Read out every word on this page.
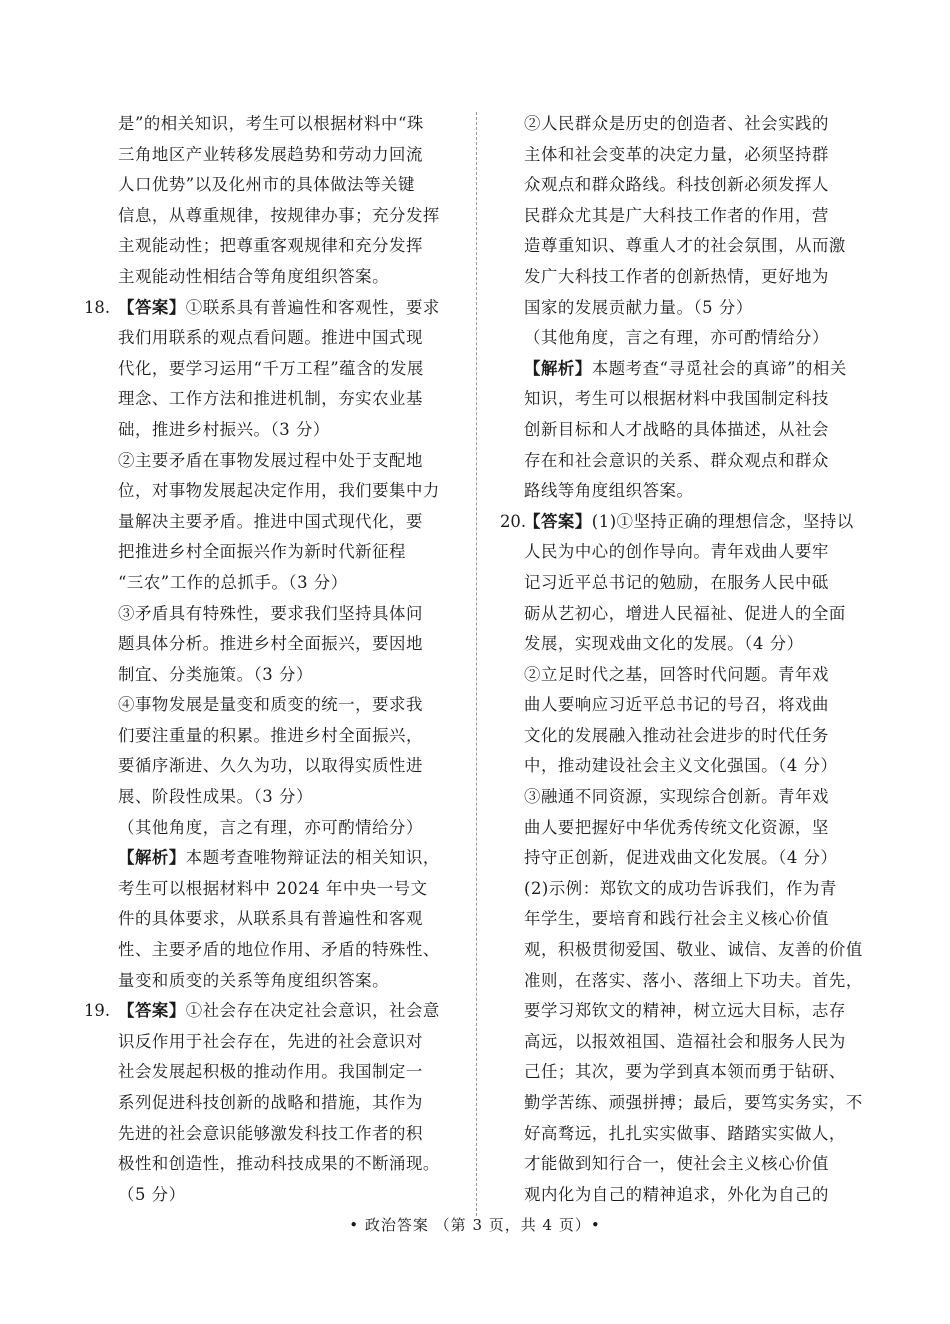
是”的相关知识，考生可以根据材料中“珠
三角地区产业转移发展趋势和劳动力回流
人口优势”以及化州市的具体做法等关键
信息，从尊重规律，按规律办事；充分发挥
主观能动性；把尊重客观规律和充分发挥
主观能动性相结合等角度组织答案。
18. 【答案】①联系具有普遍性和客观性，要求
我们用联系的观点看问题。推进中国式现
代化，要学习运用“千万工程”蕴含的发展
理念、工作方法和推进机制，夯实农业基
础，推进乡村振兴。（3 分）
②主要矛盾在事物发展过程中处于支配地
位，对事物发展起决定作用，我们要集中力
量解决主要矛盾。推进中国式现代化，要
把推进乡村全面振兴作为新时代新征程
“三农”工作的总抓手。（3 分）
③矛盾具有特殊性，要求我们坚持具体问
题具体分析。推进乡村全面振兴，要因地
制宜、分类施策。（3 分）
④事物发展是量变和质变的统一，要求我
们要注重量的积累。推进乡村全面振兴，
要循序渐进、久久为功，以取得实质性进
展、阶段性成果。（3 分）
（其他角度，言之有理，亦可酌情给分）
【解析】本题考查唯物辩证法的相关知识，
考生可以根据材料中 2024 年中央一号文
件的具体要求，从联系具有普遍性和客观
性、主要矛盾的地位作用、矛盾的特殊性、
量变和质变的关系等角度组织答案。
19. 【答案】①社会存在决定社会意识，社会意
识反作用于社会存在，先进的社会意识对
社会发展起积极的推动作用。我国制定一
系列促进科技创新的战略和措施，其作为
先进的社会意识能够激发科技工作者的积
极性和创造性，推动科技成果的不断涌现。
（5 分）
②人民群众是历史的创造者、社会实践的
主体和社会变革的决定力量，必须坚持群
众观点和群众路线。科技创新必须发挥人
民群众尤其是广大科技工作者的作用，营
造尊重知识、尊重人才的社会氛围，从而激
发广大科技工作者的创新热情，更好地为
国家的发展贡献力量。（5 分）
（其他角度，言之有理，亦可酌情给分）
【解析】本题考查“寻觅社会的真谛”的相关
知识，考生可以根据材料中我国制定科技
创新目标和人才战略的具体描述，从社会
存在和社会意识的关系、群众观点和群众
路线等角度组织答案。
20.【答案】(1)①坚持正确的理想信念，坚持以
人民为中心的创作导向。青年戏曲人要牢
记习近平总书记的勉励，在服务人民中砥
砺从艺初心，增进人民福祉、促进人的全面
发展，实现戏曲文化的发展。（4 分）
②立足时代之基，回答时代问题。青年戏
曲人要响应习近平总书记的号召，将戏曲
文化的发展融入推动社会进步的时代任务
中，推动建设社会主义文化强国。（4 分）
③融通不同资源，实现综合创新。青年戏
曲人要把握好中华优秀传统文化资源，坚
持守正创新，促进戏曲文化发展。（4 分）
(2)示例：郑钦文的成功告诉我们，作为青
年学生，要培育和践行社会主义核心价值
观，积极贯彻爱国、敬业、诚信、友善的价值
准则，在落实、落小、落细上下功夫。首先，
要学习郑钦文的精神，树立远大目标，志存
高远，以报效祖国、造福社会和服务人民为
己任；其次，要为学到真本领而勇于钻研、
勤学苦练、顽强拼搏；最后，要笃实务实，不
好高骛远，扎扎实实做事、踏踏实实做人，
才能做到知行合一，使社会主义核心价值
观内化为自己的精神追求，外化为自己的
• 政治答案 （第 3 页，共 4 页）•
